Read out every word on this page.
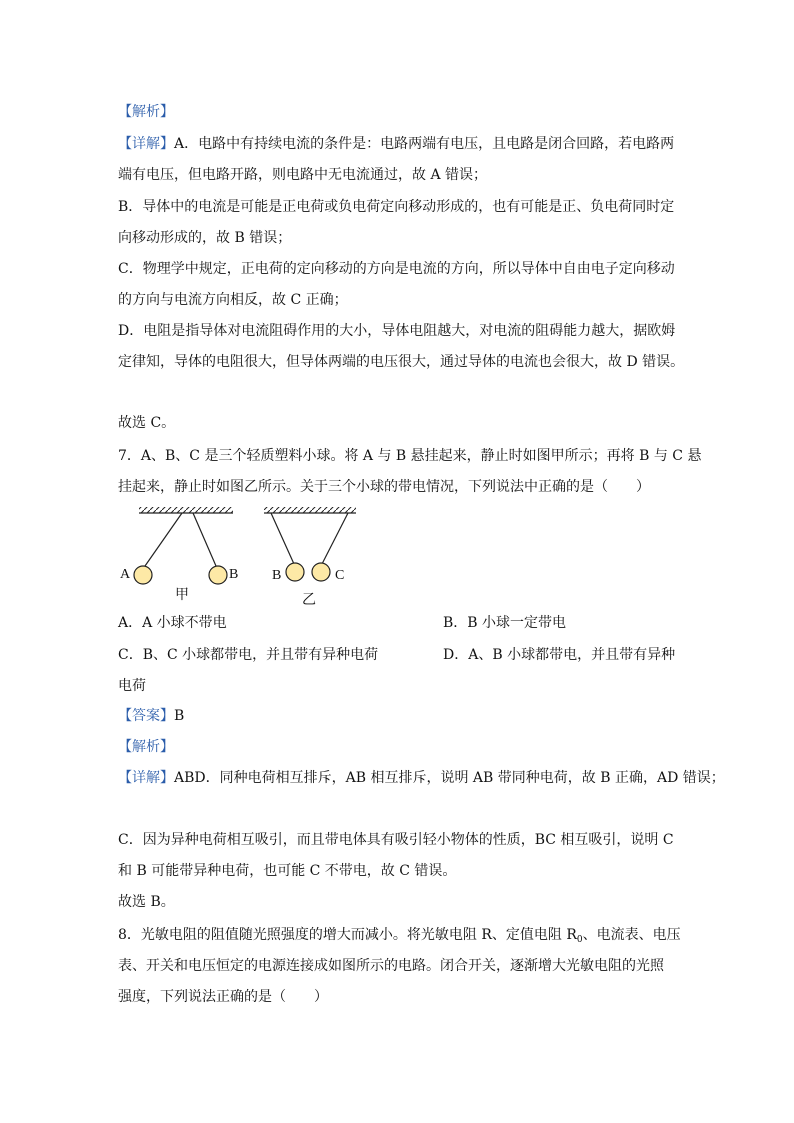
【解析】
【详解】A．电路中有持续电流的条件是：电路两端有电压，且电路是闭合回路，若电路两
端有电压，但电路开路，则电路中无电流通过，故 A 错误；
B．导体中的电流是可能是正电荷或负电荷定向移动形成的，也有可能是正、负电荷同时定
向移动形成的，故 B 错误；
C．物理学中规定，正电荷的定向移动的方向是电流的方向，所以导体中自由电子定向移动
的方向与电流方向相反，故 C 正确；
D．电阻是指导体对电流阻碍作用的大小，导体电阻越大，对电流的阻碍能力越大，据欧姆
定律知，导体的电阻很大，但导体两端的电压很大，通过导体的电流也会很大，故 D 错误。
故选 C。
7．A、B、C 是三个轻质塑料小球。将 A 与 B 悬挂起来，静止时如图甲所示；再将 B 与 C 悬
挂起来，静止时如图乙所示。关于三个小球的带电情况，下列说法中正确的是（　　）
A	B
甲
B	C
乙
A．A 小球不带电	B．B 小球一定带电
C．B、C 小球都带电，并且带有异种电荷	D．A、B 小球都带电，并且带有异种
电荷
【答案】B
【解析】
【详解】ABD．同种电荷相互排斥，AB 相互排斥，说明 AB 带同种电荷，故 B 正确，AD 错误；
C．因为异种电荷相互吸引，而且带电体具有吸引轻小物体的性质，BC 相互吸引，说明 C
和 B 可能带异种电荷，也可能 C 不带电，故 C 错误。
故选 B。
8．光敏电阻的阻值随光照强度的增大而减小。将光敏电阻 R、定值电阻 $R_0$、电流表、电压
表、开关和电压恒定的电源连接成如图所示的电路。闭合开关，逐渐增大光敏电阻的光照
强度，下列说法正确的是（　　）
